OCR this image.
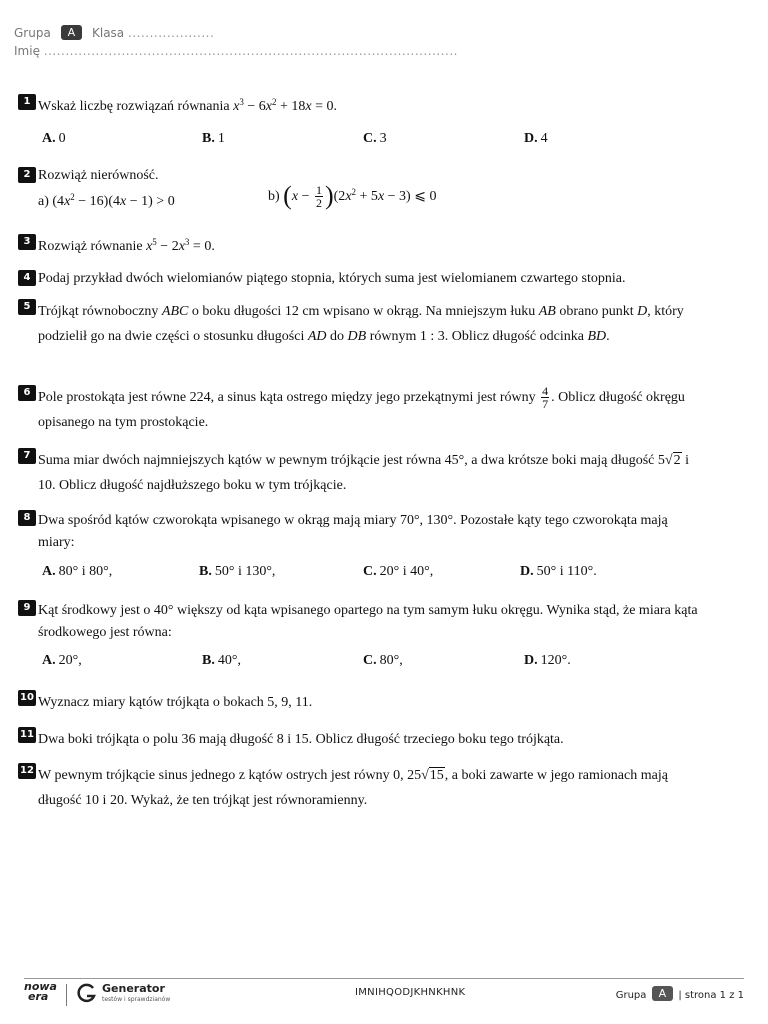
Grupa A Klasa ....................
Imię ................................................................................................
1 Wskaż liczbę rozwiązań równania $x^3 - 6x^2 + 18x = 0$.
A. 0	B. 1	C. 3	D. 4
2 Rozwiąż nierówność.
a) $(4x^2 - 16)(4x - 1) > 0$	b) $(x - \frac{1}{2} )(2x^2 + 5x - 3)$ ⩽ 0
3 Rozwiąż równanie $x^5 - 2x^3 = 0$.
4 Podaj przykład dwóch wielomianów piątego stopnia, których suma jest wielomianem czwartego stopnia.
5 Trójkąt równoboczny ABC o boku długości 12 cm wpisano w okrąg. Na mniejszym łuku AB obrano punkt D, który podzielił go na dwie części o stosunku długości AD do DB równym 1 : 3. Oblicz długość odcinka BD.
6 Pole prostokąta jest równe 224, a sinus kąta ostrego między jego przekątnymi jest równy $\frac{4}{7}$ . Oblicz długość okręgu opisanego na tym prostokącie.
7 Suma miar dwóch najmniejszych kątów w pewnym trójkącie jest równa 45°, a dwa krótsze boki mają długość 5√2 i 10. Oblicz długość najdłuższego boku w tym trójkącie.
8 Dwa spośród kątów czworokąta wpisanego w okrąg mają miary 70°, 130°. Pozostałe kąty tego czworokąta mają miary:
A. 80° i 80°,	B. 50° i 130°,	C. 20° i 40°,	D. 50° i 110°.
9 Kąt środkowy jest o 40° większy od kąta wpisanego opartego na tym samym łuku okręgu. Wynika stąd, że miara kąta środkowego jest równa:
A. 20°,	B. 40°,	C. 80°,	D. 120°.
10 Wyznacz miary kątów trójkąta o bokach 5, 9, 11.
11 Dwa boki trójkąta o polu 36 mają długość 8 i 15. Oblicz długość trzeciego boku tego trójkąta.
12 W pewnym trójkącie sinus jednego z kątów ostrych jest równy 0, 25√15, a boki zawarte w jego ramionach mają długość 10 i 20. Wykaż, że ten trójkąt jest równoramienny.
nowa
era
Generator
testów i sprawdzianów
IMNIHQODJKHNKHNK	Grupa A | strona 1 z 1
